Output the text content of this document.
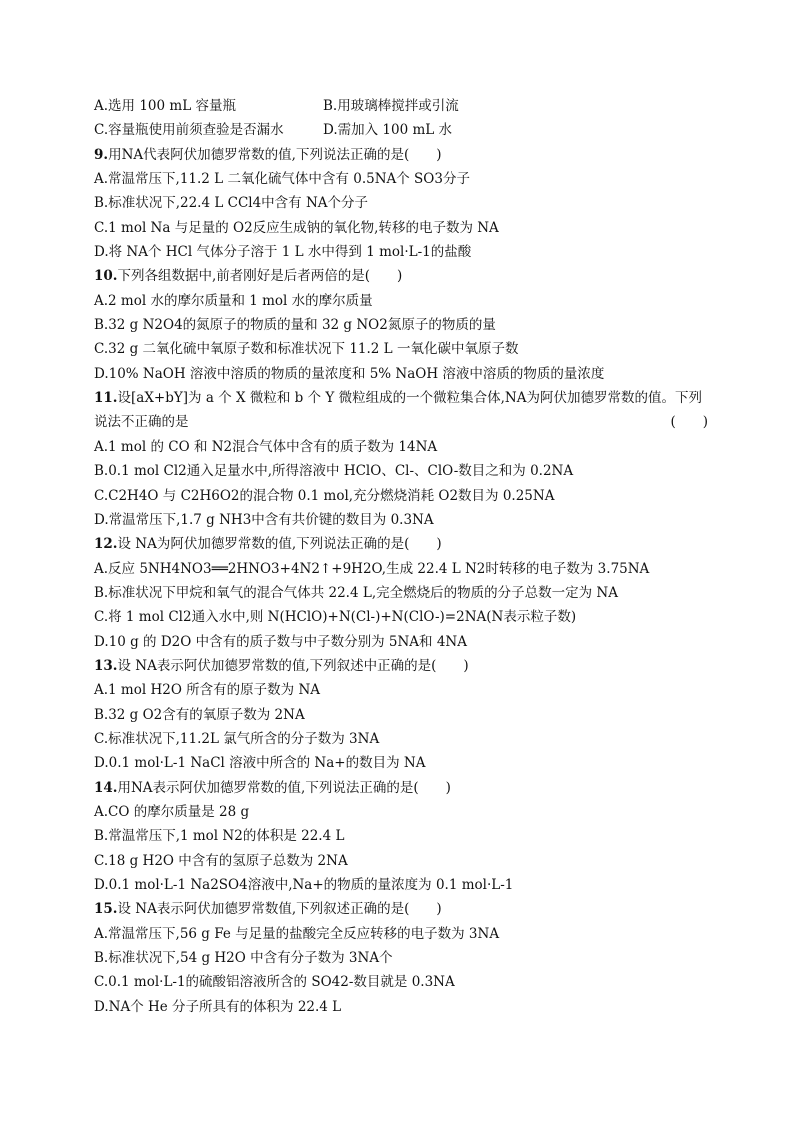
A.选用 100 mL 容量瓶	B.用玻璃棒搅拌或引流
C.容量瓶使用前须查验是否漏水	D.需加入 100 mL 水
9.用NA代表阿伏加德罗常数的值,下列说法正确的是(　　)
A.常温常压下,11.2 L 二氧化硫气体中含有 0.5NA个 SO3分子
B.标准状况下,22.4 L CCl4中含有 NA个分子
C.1 mol Na 与足量的 O2反应生成钠的氧化物,转移的电子数为 NA
D.将 NA个 HCl 气体分子溶于 1 L 水中得到 1 mol·L-1的盐酸
10.下列各组数据中,前者刚好是后者两倍的是(　　)
A.2 mol 水的摩尔质量和 1 mol 水的摩尔质量
B.32 g N2O4的氮原子的物质的量和 32 g NO2氮原子的物质的量
C.32 g 二氧化硫中氧原子数和标准状况下 11.2 L 一氧化碳中氧原子数
D.10% NaOH 溶液中溶质的物质的量浓度和 5% NaOH 溶液中溶质的物质的量浓度
11.设[aX+bY]为 a 个 X 微粒和 b 个 Y 微粒组成的一个微粒集合体,NA为阿伏加德罗常数的值。下列
说法不正确的是	(　　)
A.1 mol 的 CO 和 N2混合气体中含有的质子数为 14NA
B.0.1 mol Cl2通入足量水中,所得溶液中 HClO、Cl-、ClO-数目之和为 0.2NA
C.C2H4O 与 C2H6O2的混合物 0.1 mol,充分燃烧消耗 O2数目为 0.25NA
D.常温常压下,1.7 g NH3中含有共价键的数目为 0.3NA
12.设 NA为阿伏加德罗常数的值,下列说法正确的是(　　)
A.反应 5NH4NO3══2HNO3+4N2↑+9H2O,生成 22.4 L N2时转移的电子数为 3.75NA
B.标准状况下甲烷和氧气的混合气体共 22.4 L,完全燃烧后的物质的分子总数一定为 NA
C.将 1 mol Cl2通入水中,则 N(HClO)+N(Cl-)+N(ClO-)=2NA(N表示粒子数)
D.10 g 的 D2O 中含有的质子数与中子数分别为 5NA和 4NA
13.设 NA表示阿伏加德罗常数的值,下列叙述中正确的是(　　)
A.1 mol H2O 所含有的原子数为 NA
B.32 g O2含有的氧原子数为 2NA
C.标准状况下,11.2L 氯气所含的分子数为 3NA
D.0.1 mol·L-1 NaCl 溶液中所含的 Na+的数目为 NA
14.用NA表示阿伏加德罗常数的值,下列说法正确的是(　　)
A.CO 的摩尔质量是 28 g
B.常温常压下,1 mol N2的体积是 22.4 L
C.18 g H2O 中含有的氢原子总数为 2NA
D.0.1 mol·L-1 Na2SO4溶液中,Na+的物质的量浓度为 0.1 mol·L-1
15.设 NA表示阿伏加德罗常数值,下列叙述正确的是(　　)
A.常温常压下,56 g Fe 与足量的盐酸完全反应转移的电子数为 3NA
B.标准状况下,54 g H2O 中含有分子数为 3NA个
C.0.1 mol·L-1的硫酸铝溶液所含的 SO42-数目就是 0.3NA
D.NA个 He 分子所具有的体积为 22.4 L
